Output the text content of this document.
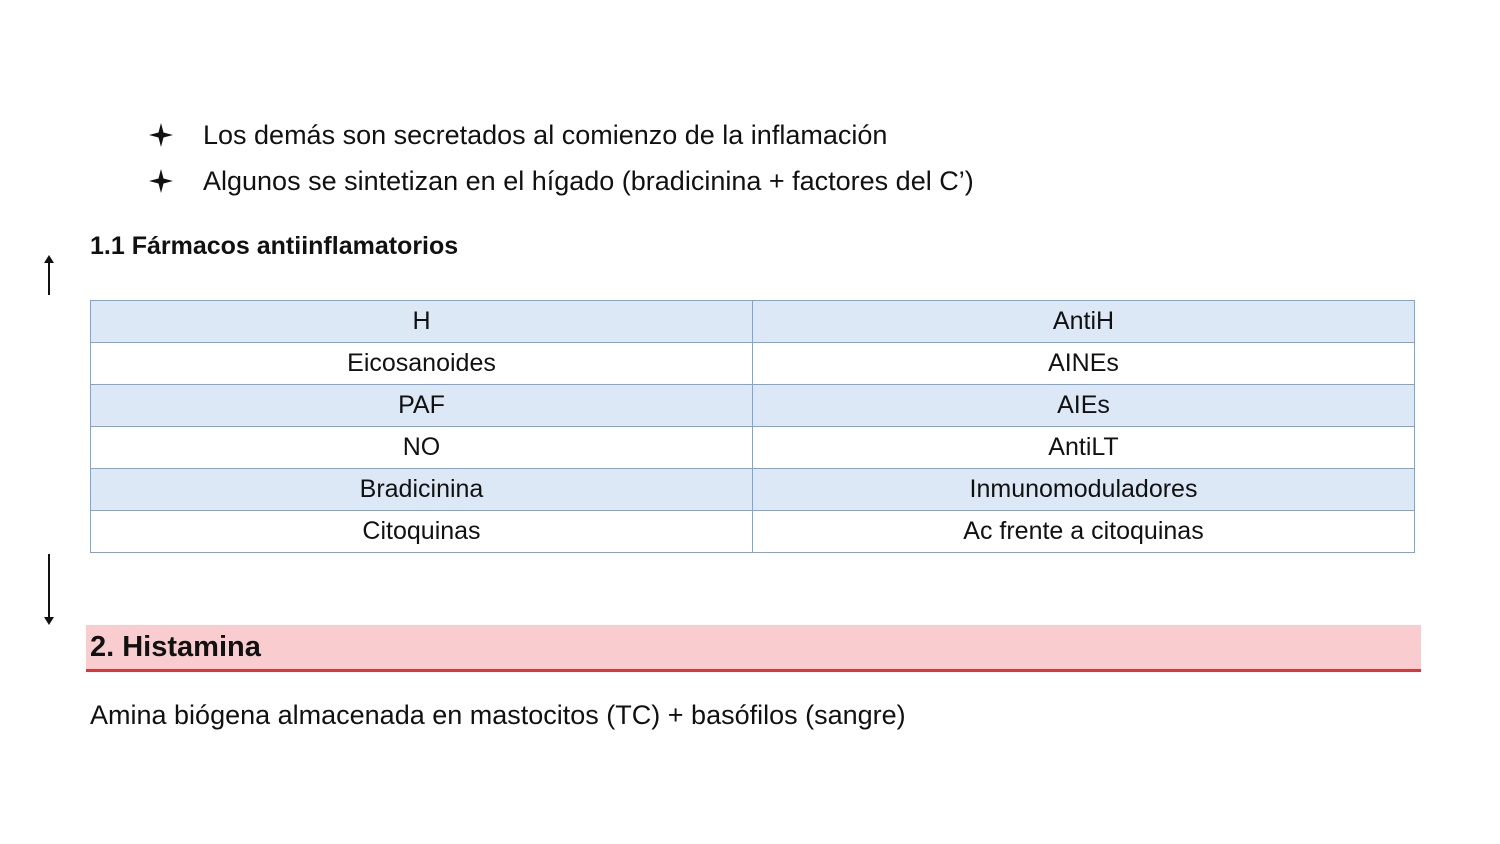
Los demás son secretados al comienzo de la inflamación
Algunos se sintetizan en el hígado (bradicinina + factores del C’)
1.1 Fármacos antiinflamatorios
H	AntiH
Eicosanoides	AINEs
PAF	AIEs
NO	AntiLT
Bradicinina	Inmunomoduladores
Citoquinas	Ac frente a citoquinas
2. Histamina

Amina biógena almacenada en mastocitos (TC) + basófilos (sangre)
